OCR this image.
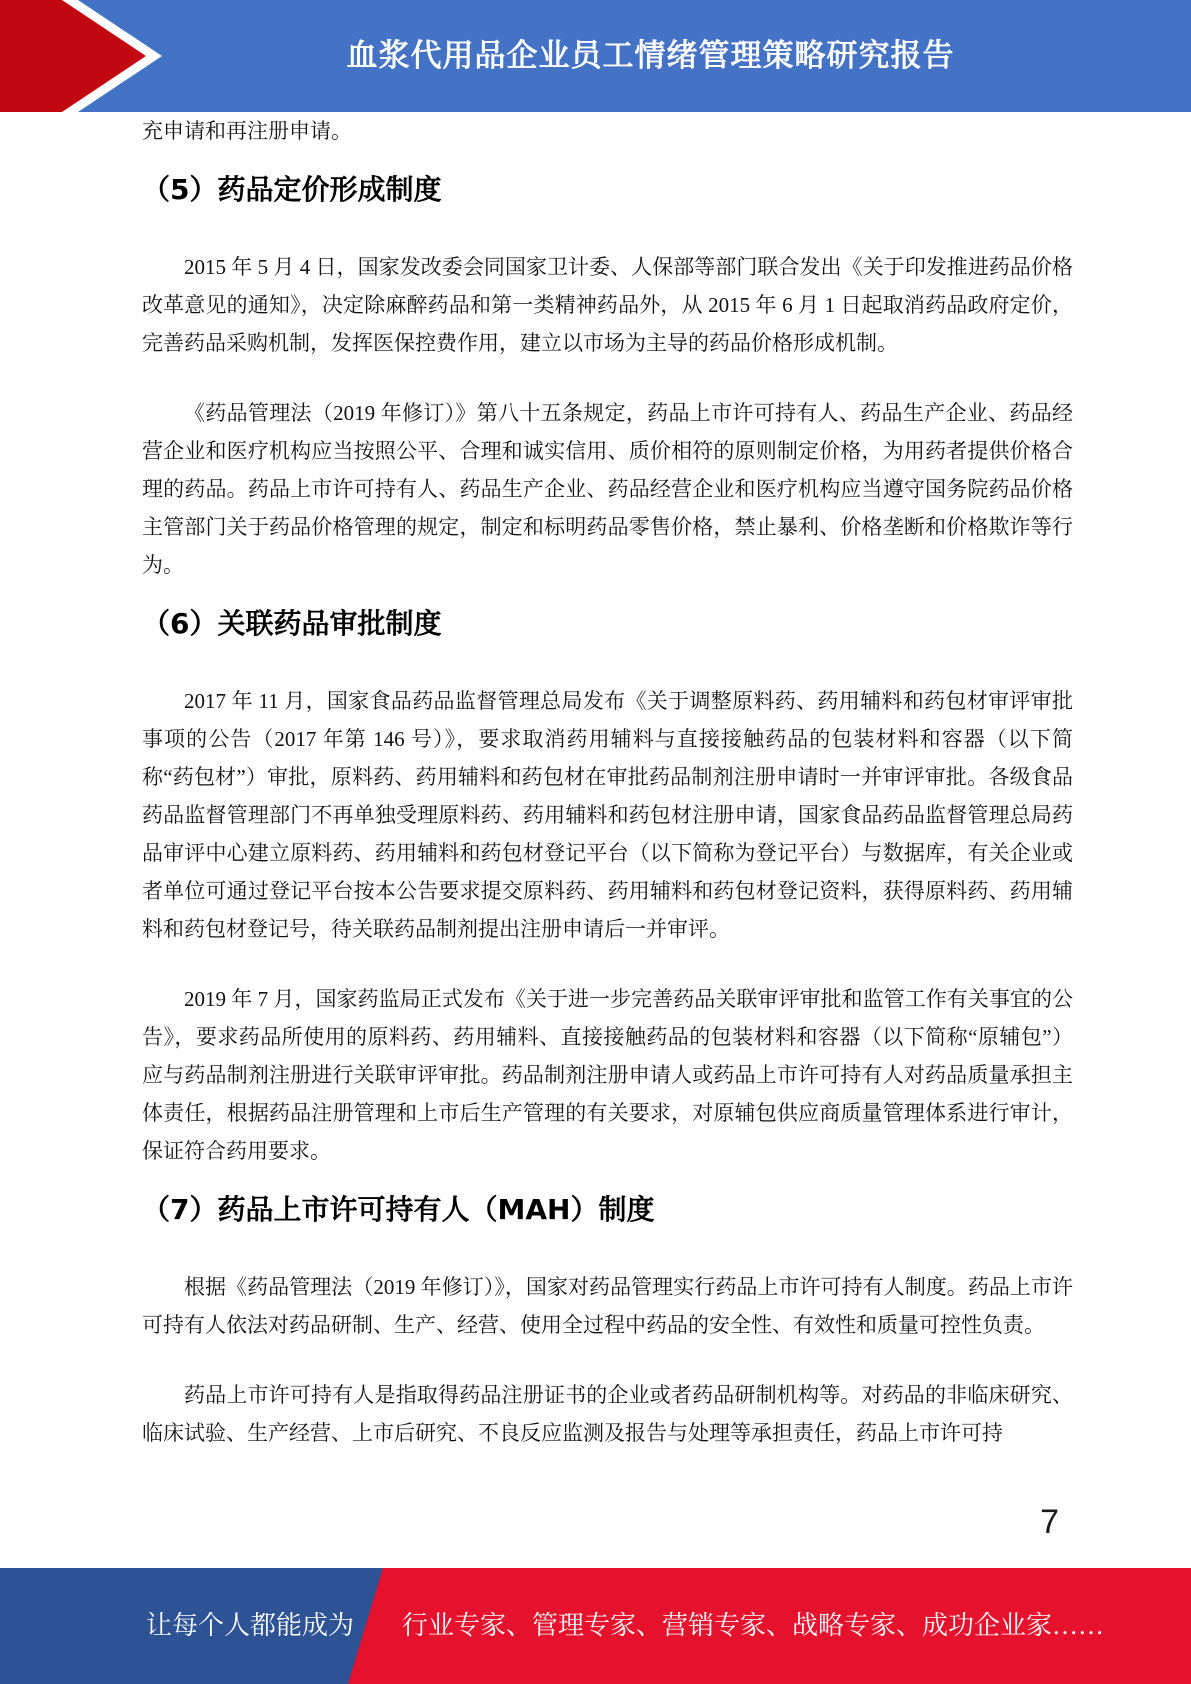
血浆代用品企业员工情绪管理策略研究报告

充申请和再注册申请。

（5）药品定价形成制度

2015 年 5 月 4 日，国家发改委会同国家卫计委、人保部等部门联合发出《关于印发推进药品价格改革意见的通知》，决定除麻醉药品和第一类精神药品外，从 2015 年 6 月 1 日起取消药品政府定价，完善药品采购机制，发挥医保控费作用，建立以市场为主导的药品价格形成机制。

《药品管理法（2019 年修订）》第八十五条规定，药品上市许可持有人、药品生产企业、药品经营企业和医疗机构应当按照公平、合理和诚实信用、质价相符的原则制定价格，为用药者提供价格合理的药品。药品上市许可持有人、药品生产企业、药品经营企业和医疗机构应当遵守国务院药品价格主管部门关于药品价格管理的规定，制定和标明药品零售价格，禁止暴利、价格垄断和价格欺诈等行为。

（6）关联药品审批制度

2017 年 11 月，国家食品药品监督管理总局发布《关于调整原料药、药用辅料和药包材审评审批事项的公告（2017 年第 146 号）》，要求取消药用辅料与直接接触药品的包装材料和容器（以下简称“药包材”）审批，原料药、药用辅料和药包材在审批药品制剂注册申请时一并审评审批。各级食品药品监督管理部门不再单独受理原料药、药用辅料和药包材注册申请，国家食品药品监督管理总局药品审评中心建立原料药、药用辅料和药包材登记平台（以下简称为登记平台）与数据库，有关企业或者单位可通过登记平台按本公告要求提交原料药、药用辅料和药包材登记资料，获得原料药、药用辅料和药包材登记号，待关联药品制剂提出注册申请后一并审评。

2019 年 7 月，国家药监局正式发布《关于进一步完善药品关联审评审批和监管工作有关事宜的公告》，要求药品所使用的原料药、药用辅料、直接接触药品的包装材料和容器（以下简称“原辅包”）应与药品制剂注册进行关联审评审批。药品制剂注册申请人或药品上市许可持有人对药品质量承担主体责任，根据药品注册管理和上市后生产管理的有关要求，对原辅包供应商质量管理体系进行审计，保证符合药用要求。

（7）药品上市许可持有人（MAH）制度

根据《药品管理法（2019 年修订）》，国家对药品管理实行药品上市许可持有人制度。药品上市许可持有人依法对药品研制、生产、经营、使用全过程中药品的安全性、有效性和质量可控性负责。

药品上市许可持有人是指取得药品注册证书的企业或者药品研制机构等。对药品的非临床研究、临床试验、生产经营、上市后研究、不良反应监测及报告与处理等承担责任，药品上市许可持

7
让每个人都能成为 行业专家、管理专家、营销专家、战略专家、成功企业家……
